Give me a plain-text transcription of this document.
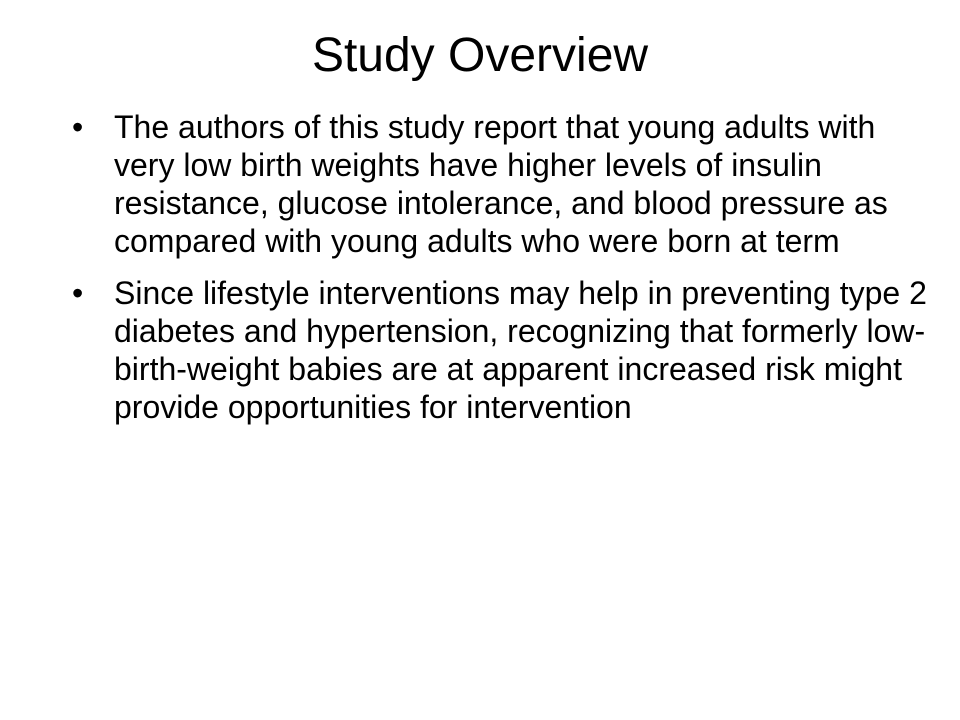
Study Overview
• The authors of this study report that young adults with very low birth weights have higher levels of insulin resistance, glucose intolerance, and blood pressure as compared with young adults who were born at term
• Since lifestyle interventions may help in preventing type 2 diabetes and hypertension, recognizing that formerly low-birth-weight babies are at apparent increased risk might provide opportunities for intervention
